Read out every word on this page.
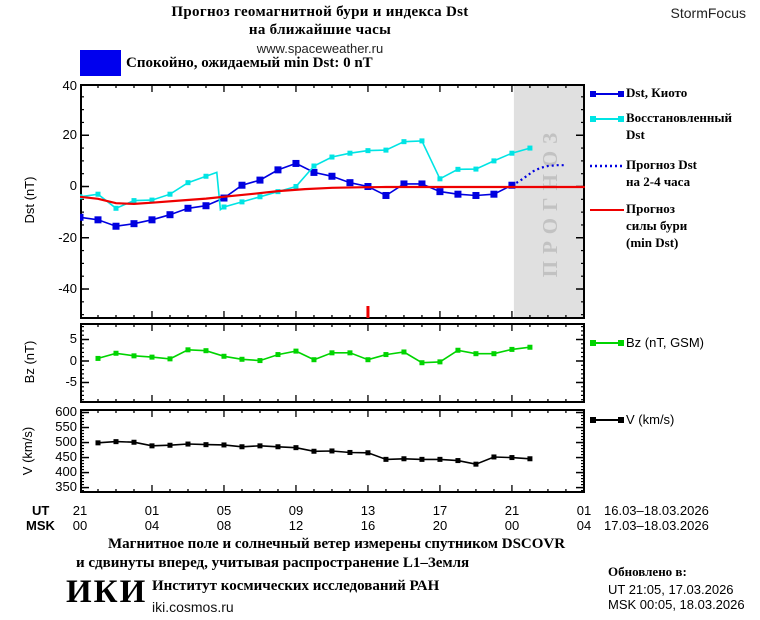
Прогноз геомагнитной бури и индекса Dst
на ближайшие часы
www.spaceweather.ru
StormFocus
Спокойно, ожидаемый min Dst: 0 nT
Dst (nT)
Bz (nT)
V (km/s)
40
20
0
-20
-40
5
0
-5
600
550
500
450
400
350
ПРОГНОЗ
Dst, Киото
Восстановленный
Dst
Прогноз Dst
на 2-4 часа
Прогноз
силы бури
(min Dst)
Bz (nT, GSM)
V (km/s)
UT
MSK
21	01	05	09	13	17	21	01
00	04	08	12	16	20	00	04
16.03–18.03.2026
17.03–18.03.2026
Магнитное поле и солнечный ветер измерены спутником DSCOVR
и сдвинуты вперед, учитывая распространение L1–Земля
Обновлено в:
UT 21:05, 17.03.2026
MSK 00:05, 18.03.2026
ИКИ Институт космических исследований РАН
iki.cosmos.ru
